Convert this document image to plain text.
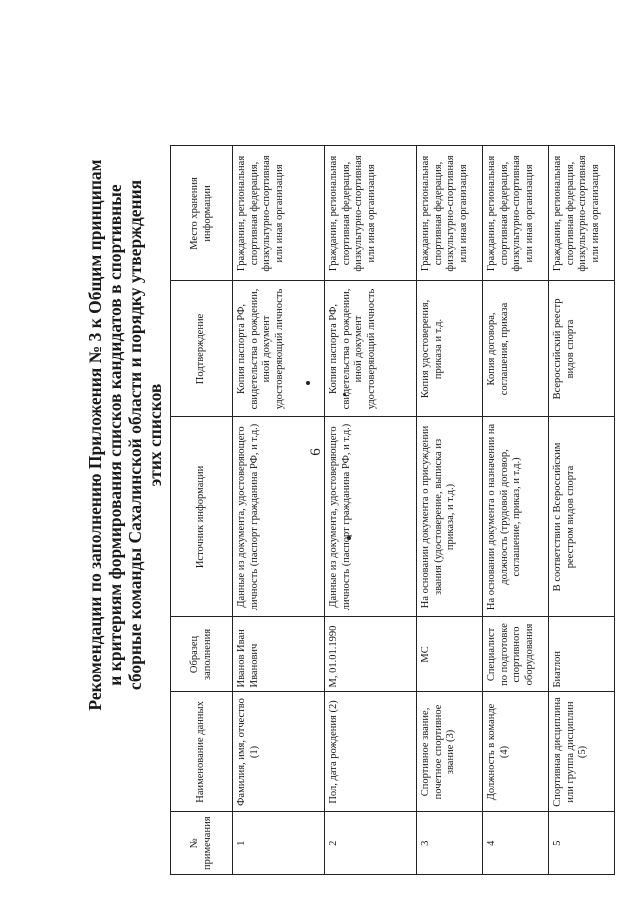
6
Рекомендации по заполнению Приложения № 3 к Общим принципам и критериям формирования списков кандидатов в спортивные сборные команды Сахалинской области и порядку утверждения этих списков
№ примечания	Наименование данных	Образец заполнения	Источник информации	Подтверждение	Место хранения информации
1	Фамилия, имя, отчество (1)	Иванов Иван Иванович	Данные из документа, удостоверяющего личность (паспорт гражданина РФ, и т.д.)	Копия паспорта РФ, свидетельства о рождении, иной документ удостоверяющий личность	Гражданин, региональная спортивная федерация, физкультурно-спортивная или иная организация
2	Пол, дата рождения (2)	М, 01.01.1990	Данные из документа, удостоверяющего личность (паспорт гражданина РФ, и т.д.)	Копия паспорта РФ, свидетельства о рождении, иной документ удостоверяющий личность	Гражданин, региональная спортивная федерация, физкультурно-спортивная или иная организация
3	Спортивное звание, почетное спортивное звание (3)	МС	На основании документа о присуждении звания (удостоверение, выписка из приказа, и т.д.)	Копия удостоверения, приказа и т.д.	Гражданин, региональная спортивная федерация, физкультурно-спортивная или иная организация
4	Должность в команде (4)	Специалист по подготовке спортивного оборудования	На основании документа о назначении на должность (трудовой договор, соглашение, приказ, и т.д.)	Копия договора, соглашения, приказа	Гражданин, региональная спортивная федерация, физкультурно-спортивная или иная организация
5	Спортивная дисциплина или группа дисциплин (5)	Биатлон	В соответствии с Всероссийским реестром видов спорта	Всероссийский реестр видов спорта	Гражданин, региональная спортивная федерация, физкультурно-спортивная или иная организация
